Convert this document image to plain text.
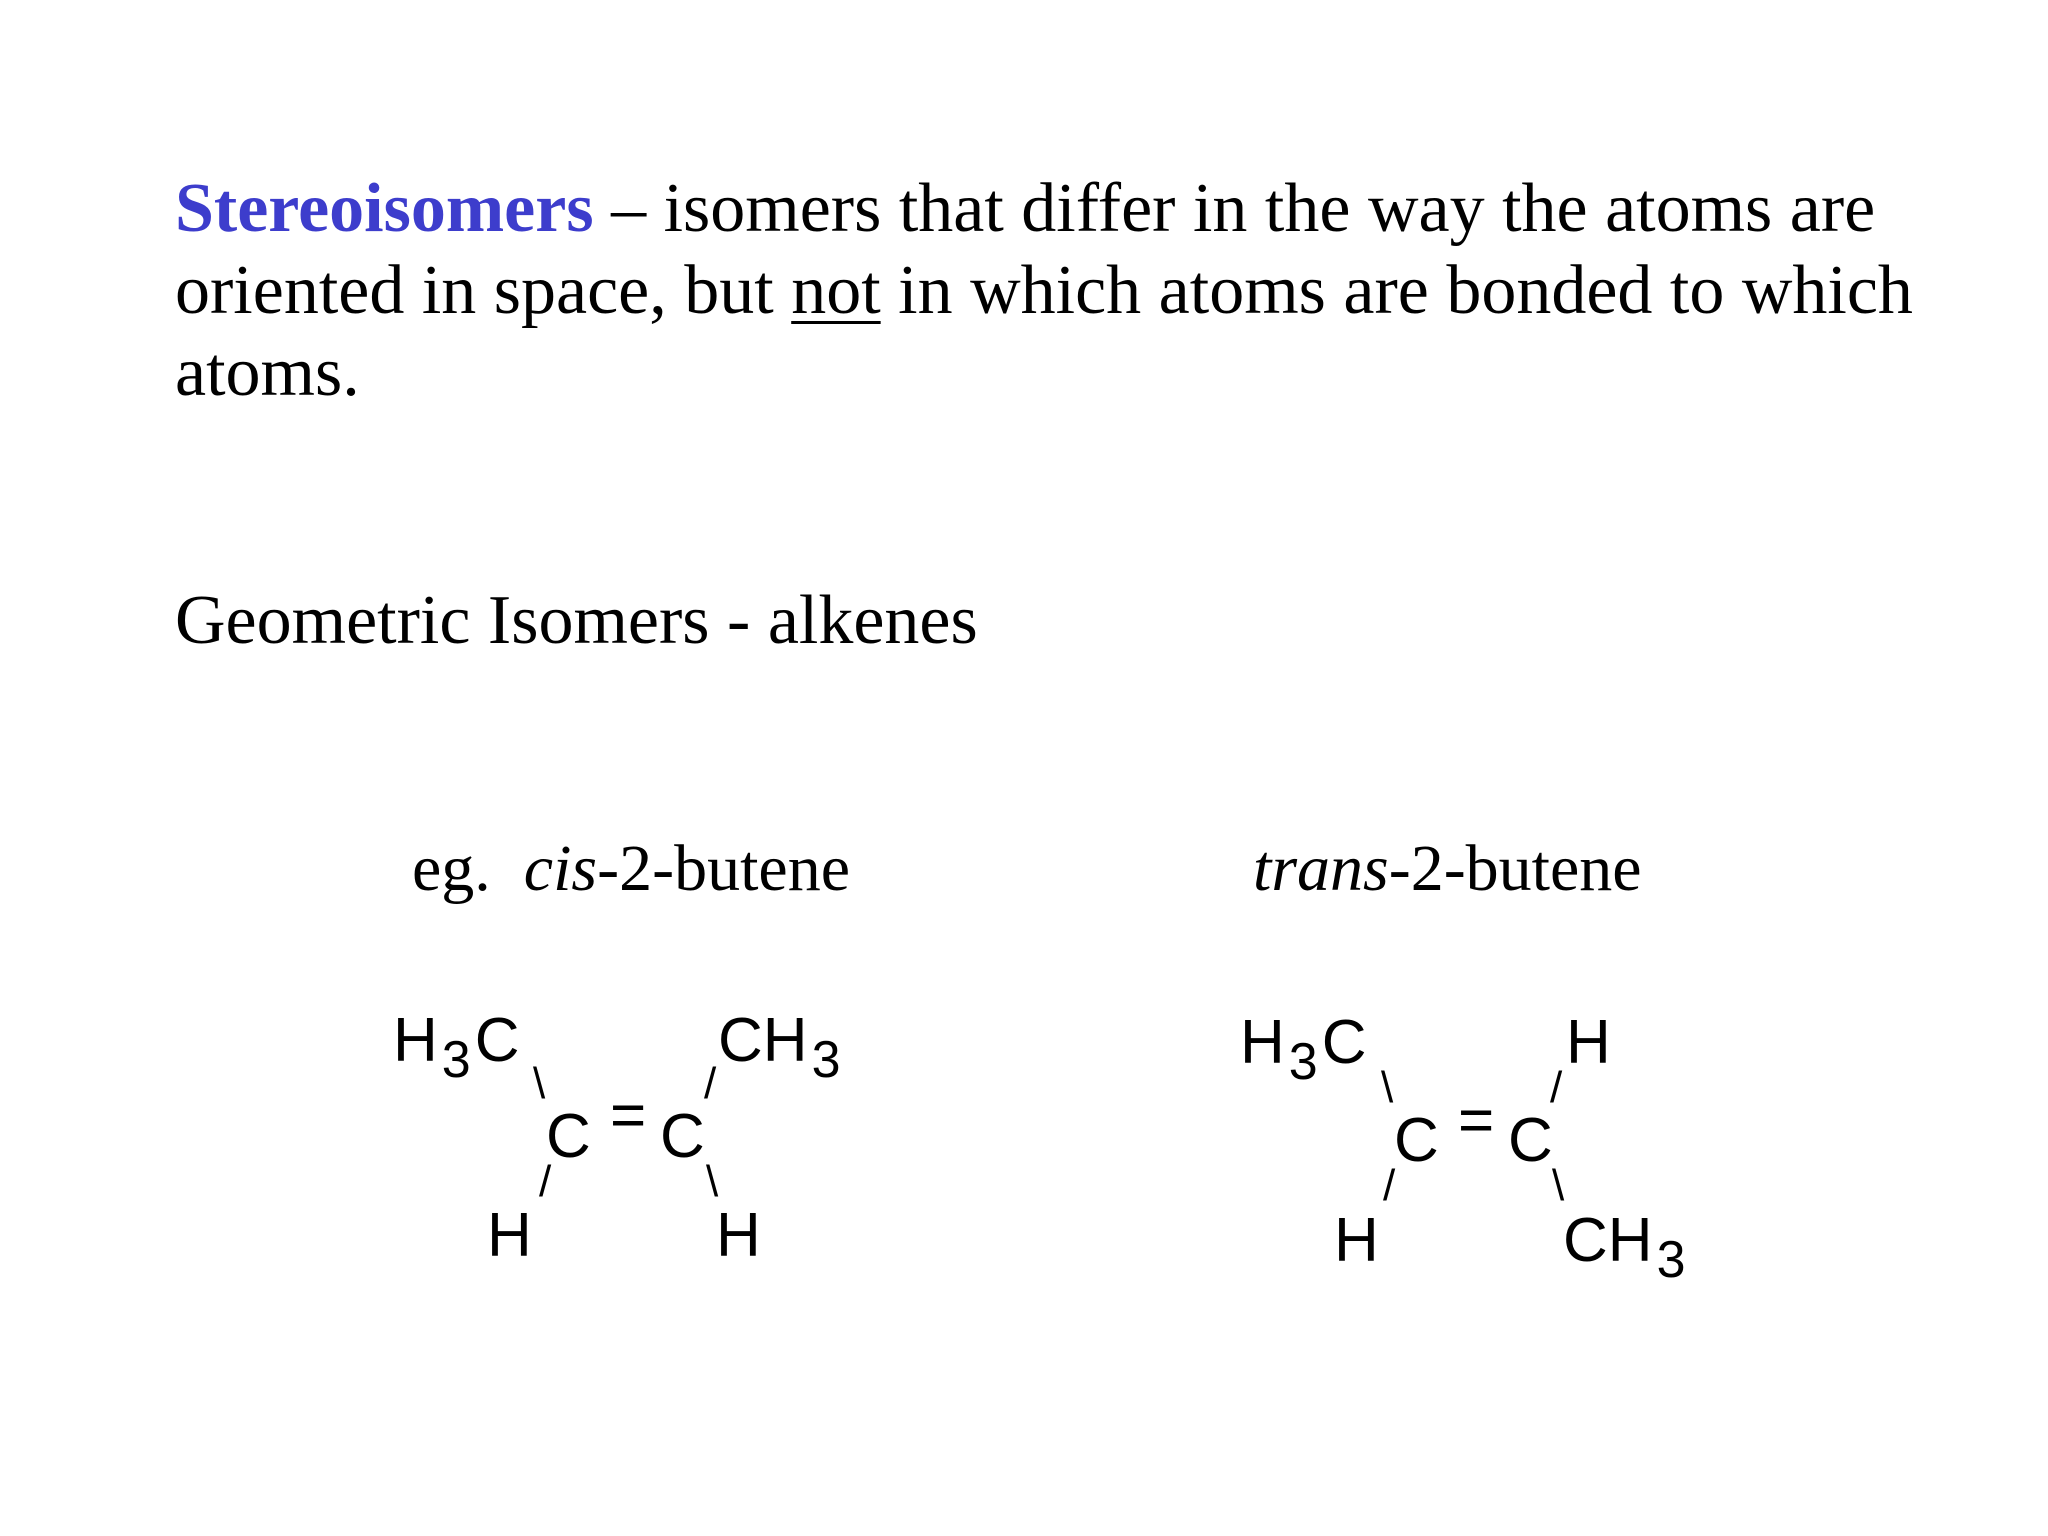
Stereoisomers – isomers that differ in the way the atoms are oriented in space, but not in which atoms are bonded to which atoms.

Geometric Isomers - alkenes

eg.  cis-2-butene

$H_3C$	$CH_3$
\	/
C = C
/	\
H	H

trans-2-butene

$H_3C$	H
\	/
C = C
/	\
H	$CH_3$
